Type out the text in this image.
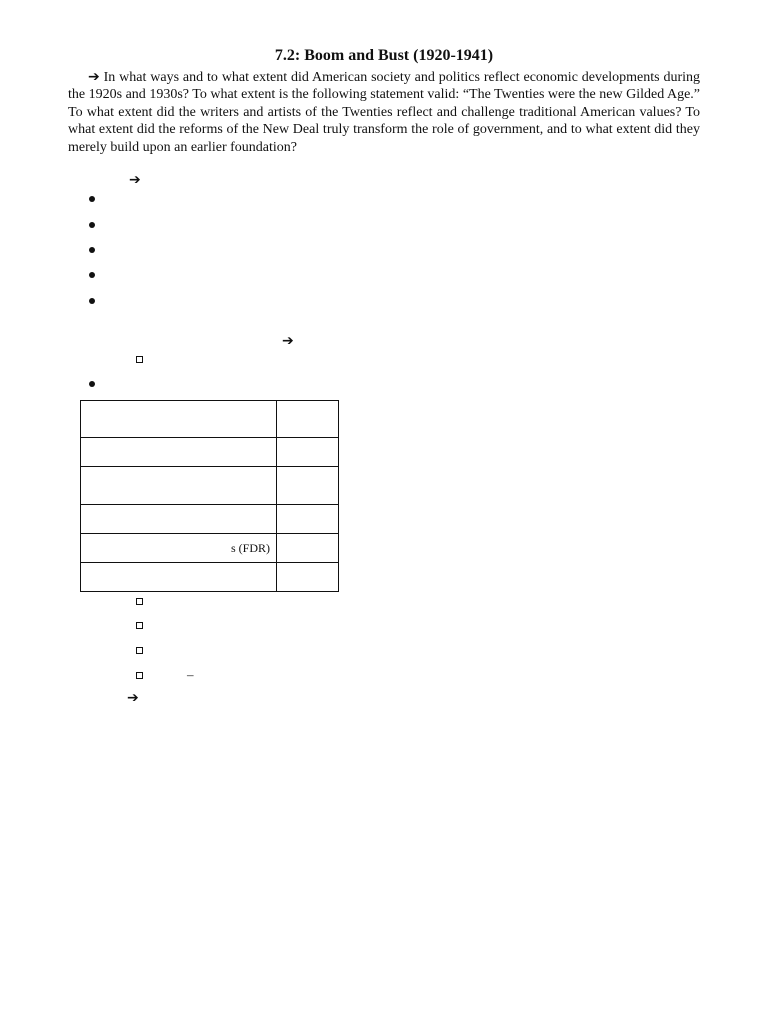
7.2: Boom and Bust (1920-1941)

➔ In what ways and to what extent did American society and politics reflect economic developments during the 1920s and 1930s? To what extent is the following statement valid: “The Twenties were the new Gilded Age.” To what extent did the writers and artists of the Twenties reflect and challenge traditional American values? To what extent did the reforms of the New Deal truly transform the role of government, and to what extent did they merely build upon an earlier foundation?

➔
➔

s (FDR)	

–
➔
